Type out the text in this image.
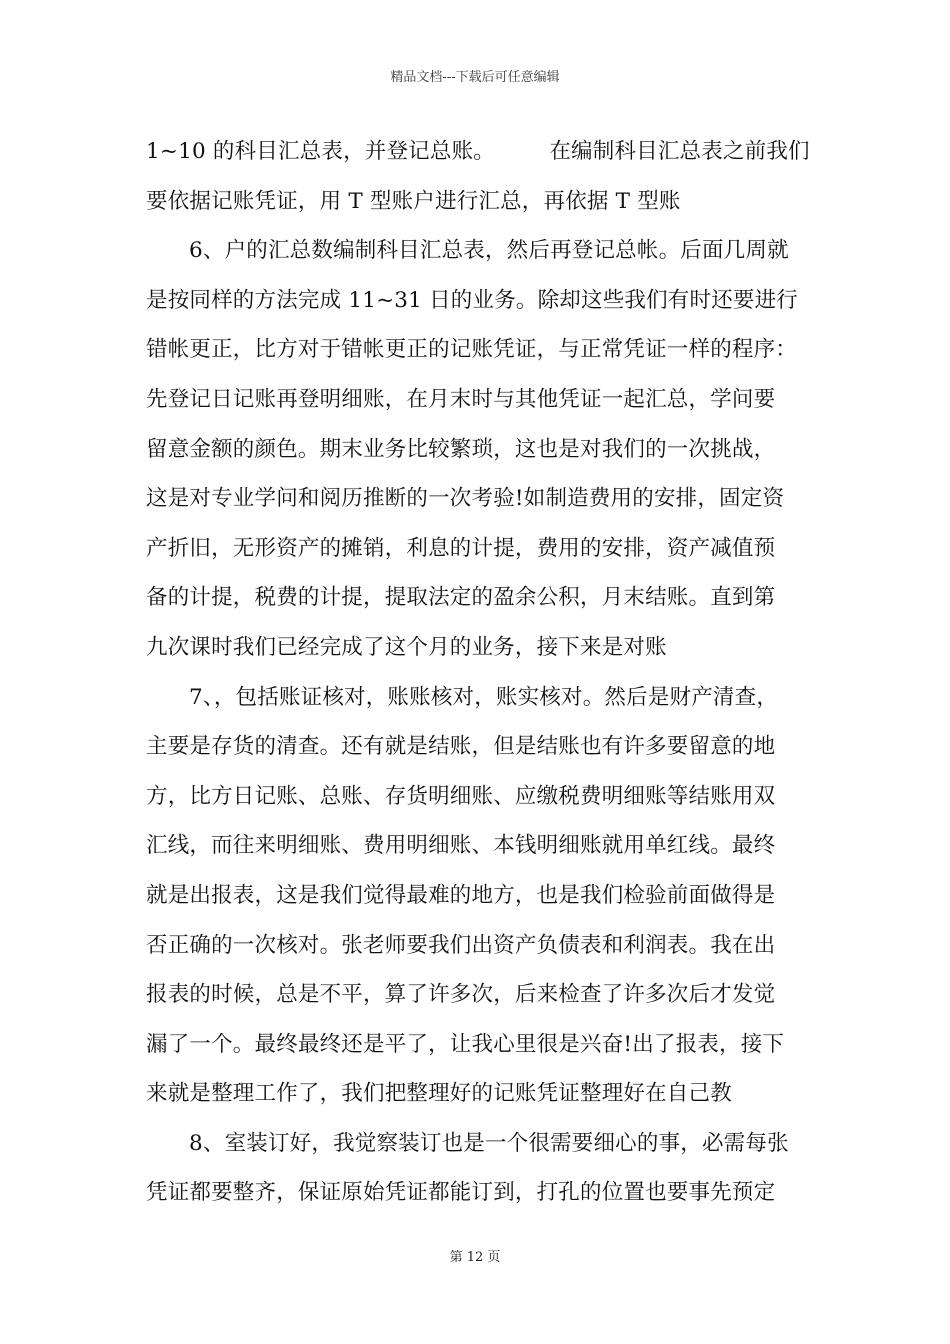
精品文档---下载后可任意编辑
1~10 的科目汇总表，并登记总账。　　　在编制科目汇总表之前我们
要依据记账凭证，用 T 型账户进行汇总，再依据 T 型账
6、户的汇总数编制科目汇总表，然后再登记总帐。后面几周就
是按同样的方法完成 11~31 日的业务。除却这些我们有时还要进行
错帐更正，比方对于错帐更正的记账凭证，与正常凭证一样的程序：
先登记日记账再登明细账，在月末时与其他凭证一起汇总，学问要
留意金额的颜色。期末业务比较繁琐，这也是对我们的一次挑战，
这是对专业学问和阅历推断的一次考验!如制造费用的安排，固定资
产折旧，无形资产的摊销，利息的计提，费用的安排，资产减值预
备的计提，税费的计提，提取法定的盈余公积，月末结账。直到第
九次课时我们已经完成了这个月的业务，接下来是对账
7、，包括账证核对，账账核对，账实核对。然后是财产清查，
主要是存货的清查。还有就是结账，但是结账也有许多要留意的地
方，比方日记账、总账、存货明细账、应缴税费明细账等结账用双
汇线，而往来明细账、费用明细账、本钱明细账就用单红线。最终
就是出报表，这是我们觉得最难的地方，也是我们检验前面做得是
否正确的一次核对。张老师要我们出资产负债表和利润表。我在出
报表的时候，总是不平，算了许多次，后来检查了许多次后才发觉
漏了一个。最终最终还是平了，让我心里很是兴奋!出了报表，接下
来就是整理工作了，我们把整理好的记账凭证整理好在自己教
8、室装订好，我觉察装订也是一个很需要细心的事，必需每张
凭证都要整齐，保证原始凭证都能订到，打孔的位置也要事先预定
第 12 页
